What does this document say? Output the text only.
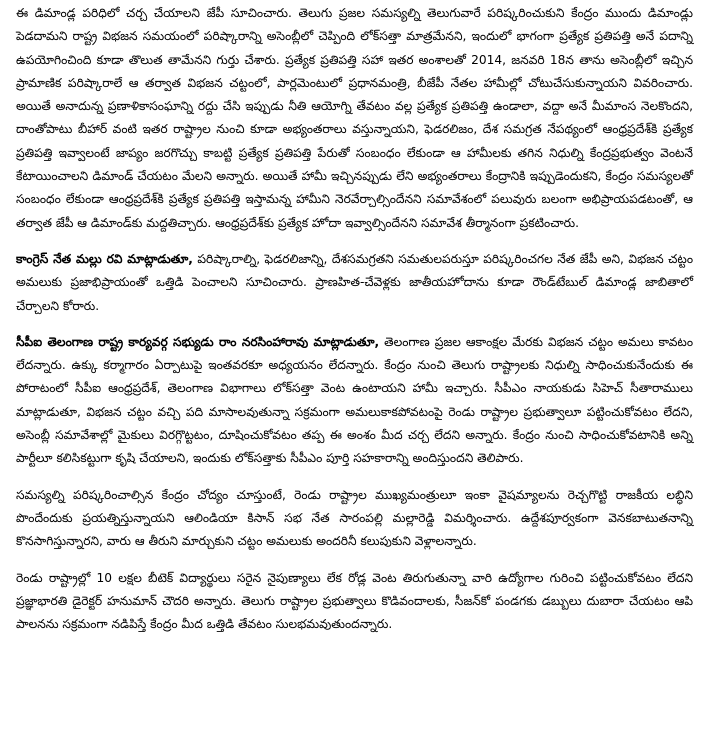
ఈ డిమాండ్ల పరిధిలో చర్చ చేయాలని జేపీ సూచించారు. తెలుగు ప్రజల సమస్యల్ని తెలుగువారే పరిష్కరించుకుని కేంద్రం ముందు డిమాండ్లు పెడదామని రాష్ట్ర విభజన సమయంలో పరిష్కారాన్ని అసెంబ్లీలో చెప్పింది లోక్‌సత్తా మాత్రమేనని, ఇందులో భాగంగా ప్రత్యేక ప్రతిపత్తి అనే పదాన్ని ఉపయోగించింది కూడా తొలుత తామేనని గుర్తు చేశారు. ప్రత్యేక ప్రతిపత్తి సహా ఇతర అంశాలతో 2014, జనవరి 18న తాను అసెంబ్లీలో ఇచ్చిన ప్రామాణిక పరిష్కారాలే ఆ తర్వాత విభజన చట్టంలో, పార్లమెంటులో ప్రధానమంత్రి, బీజేపీ నేతల హామీల్లో చోటుచేసుకున్నాయని వివరించారు. అయితే అనాదున్న ప్రణాళికాసంఘాన్ని రద్దు చేసి ఇప్పుడు నీతి ఆయోగ్ని తేవటం వల్ల ప్రత్యేక ప్రతిపత్తి ఉండాలా, వద్దా అనే మీమాంస నెలకొందని, దాంతోపాటు బీహార్ వంటి ఇతర రాష్ట్రాల నుంచి కూడా అభ్యంతరాలు వస్తున్నాయని, ఫెడరలిజం, దేశ సమగ్రత నేపథ్యంలో ఆంధ్రప్రదేశ్‌కి ప్రత్యేక ప్రతిపత్తి ఇవ్వాలంటే జాప్యం జరగొచ్చు కాబట్టి ప్రత్యేక ప్రతిపత్తి పేరుతో సంబంధం లేకుండా ఆ హామీలకు తగిన నిధుల్ని కేంద్రప్రభుత్వం వెంటనే కేటాయించాలని డిమాండ్ చేయటం మేలని అన్నారు. అయితే హామీ ఇచ్చినప్పుడు లేని అభ్యంతరాలు కేంద్రానికి ఇప్పుడెందుకని, కేంద్రం సమస్యలతో సంబంధం లేకుండా ఆంధ్రప్రదేశ్‌కి ప్రత్యేక ప్రతిపత్తి ఇస్తామన్న హామీని నెరవేర్చాల్సిందేనని సమావేశంలో పలువురు బలంగా అభిప్రాయపడటంతో, ఆ తర్వాత జేపీ ఆ డిమాండ్‌కు మద్దతిచ్చారు. ఆంధ్రప్రదేశ్‌కు ప్రత్యేక హోదా ఇవ్వాల్సిందేనని సమావేశ తీర్మానంగా ప్రకటించారు.

కాంగ్రెస్ నేత మల్లు రవి మాట్లాడుతూ, పరిష్కారాల్ని, ఫెడరలిజాన్ని, దేశసమగ్రతని సమతులపరుస్తూ పరిష్కరించగల నేత జేపీ అని, విభజన చట్టం అమలుకు ప్రజాభిప్రాయంతో ఒత్తిడి పెంచాలని సూచించారు. ప్రాణహిత-చేవెళ్లకు జాతీయహోదాను కూడా రౌండ్‌టేబుల్ డిమాండ్ల జాబితాలో చేర్చాలని కోరారు.

సీపీఐ తెలంగాణ రాష్ట్ర కార్యవర్గ సభ్యుడు రాం నరసింహారావు మాట్లాడుతూ, తెలంగాణ ప్రజల ఆకాంక్షల మేరకు విభజన చట్టం అమలు కావటం లేదన్నారు. ఉక్కు కర్మాగారం ఏర్పాటుపై ఇంతవరకూ అధ్యయనం లేదన్నారు. కేంద్రం నుంచి తెలుగు రాష్ట్రాలకు నిధుల్ని సాధించుకునేందుకు ఈ పోరాటంలో సీపీఐ ఆంధ్రప్రదేశ్, తెలంగాణ విభాగాలు లోక్‌సత్తా వెంట ఉంటాయని హామీ ఇచ్చారు. సీపీఎం నాయకుడు సిహెచ్ సీతారాములు మాట్లాడుతూ, విభజన చట్టం వచ్చి పది మాసాలవుతున్నా సక్రమంగా అమలుకాకపోవటంపై రెండు రాష్ట్రాల ప్రభుత్వాలూ పట్టించుకోవటం లేదని, అసెంబ్లీ సమావేశాల్లో మైకులు విరగ్గొట్టటం, దూషించుకోవటం తప్ప ఈ అంశం మీద చర్చ లేదని అన్నారు. కేంద్రం నుంచి సాధించుకోవటానికి అన్ని పార్టీలూ కలిసికట్టుగా కృషి చేయాలని, ఇందుకు లోక్‌సత్తాకు సీపీఎం పూర్తి సహకారాన్ని అందిస్తుందని తెలిపారు.

సమస్యల్ని పరిష్కరించాల్సిన కేంద్రం చోద్యం చూస్తుంటే, రెండు రాష్ట్రాల ముఖ్యమంత్రులూ ఇంకా వైషమ్యాలను రెచ్చగొట్టి రాజకీయ లబ్ధిని పొందేందుకు ప్రయత్నిస్తున్నాయని ఆలిండియా కిసాన్ సభ నేత సారంపల్లి మల్లారెడ్డి విమర్శించారు. ఉద్దేశపూర్వకంగా వెనకబాటుతనాన్ని కొనసాగిస్తున్నారని, వారు ఆ తీరుని మార్చుకుని చట్టం అమలుకు అందరినీ కలుపుకుని వెళ్లాలన్నారు.

రెండు రాష్ట్రాల్లో 10 లక్షల బీటెక్ విద్యార్థులు సరైన నైపుణ్యాలు లేక రోడ్ల వెంట తిరుగుతున్నా వారి ఉద్యోగాల గురించి పట్టించుకోవటం లేదని ప్రజ్ఞాభారతి డైరెక్టర్ హనుమాన్ చౌదరి అన్నారు. తెలుగు రాష్ట్రాల ప్రభుత్వాలు కొడివందాలకు, సీజన్‌కో పండగకు డబ్బులు దుబారా చేయటం ఆపి పాలనను సక్రమంగా నడిపిస్తే కేంద్రం మీద ఒత్తిడి తేవటం సులభమవుతుందన్నారు.
